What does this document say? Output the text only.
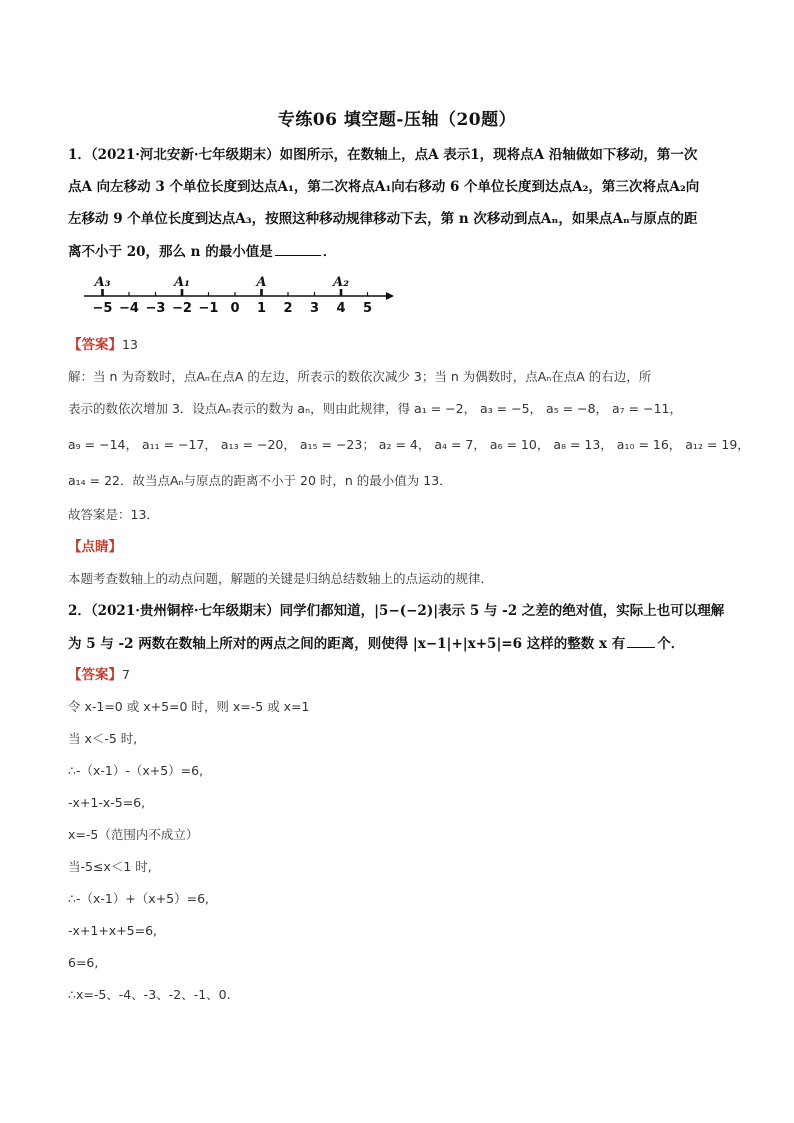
专练06 填空题-压轴（20题）
1．（2021·河北安新·七年级期末）如图所示，在数轴上，点A 表示1，现将点A 沿轴做如下移动，第一次
点A 向左移动 3 个单位长度到达点A₁，第二次将点A₁向右移动 6 个单位长度到达点A₂，第三次将点A₂向
左移动 9 个单位长度到达点A₃，按照这种移动规律移动下去，第 n 次移动到点Aₙ，如果点Aₙ与原点的距
离不小于 20，那么 n 的最小值是	．
−5 −4 −3 −2 −1 0 1 2 3 4 5
A₃	A₁	A	A₂
【答案】13
解：当 n 为奇数时，点Aₙ在点A 的左边，所表示的数依次减少 3；当 n 为偶数时，点Aₙ在点A 的右边，所
表示的数依次增加 3．设点Aₙ表示的数为 aₙ，则由此规律，得 a₁ = −2， a₃ = −5， a₅ = −8， a₇ = −11，
a₉ = −14， a₁₁ = −17， a₁₃ = −20， a₁₅ = −23； a₂ = 4， a₄ = 7， a₆ = 10， a₈ = 13， a₁₀ = 16， a₁₂ = 19，
a₁₄ = 22．故当点Aₙ与原点的距离不小于 20 时，n 的最小值为 13．
故答案是：13．
【点睛】
本题考查数轴上的动点问题，解题的关键是归纳总结数轴上的点运动的规律．
2．（2021·贵州铜梓·七年级期末）同学们都知道，|5−(−2)|表示 5 与 -2 之差的绝对值，实际上也可以理解
为 5 与 -2 两数在数轴上所对的两点之间的距离，则使得 |x−1|+|x+5|=6 这样的整数 x 有 个．
【答案】7
令 x-1=0 或 x+5=0 时，则 x=-5 或 x=1
当 x＜-5 时,
∴-（x-1）-（x+5）=6,
-x+1-x-5=6,
x=-5（范围内不成立）
当-5≤x＜1 时,
∴-（x-1）+（x+5）=6,
-x+1+x+5=6,
6=6,
∴x=-5、-4、-3、-2、-1、0.
